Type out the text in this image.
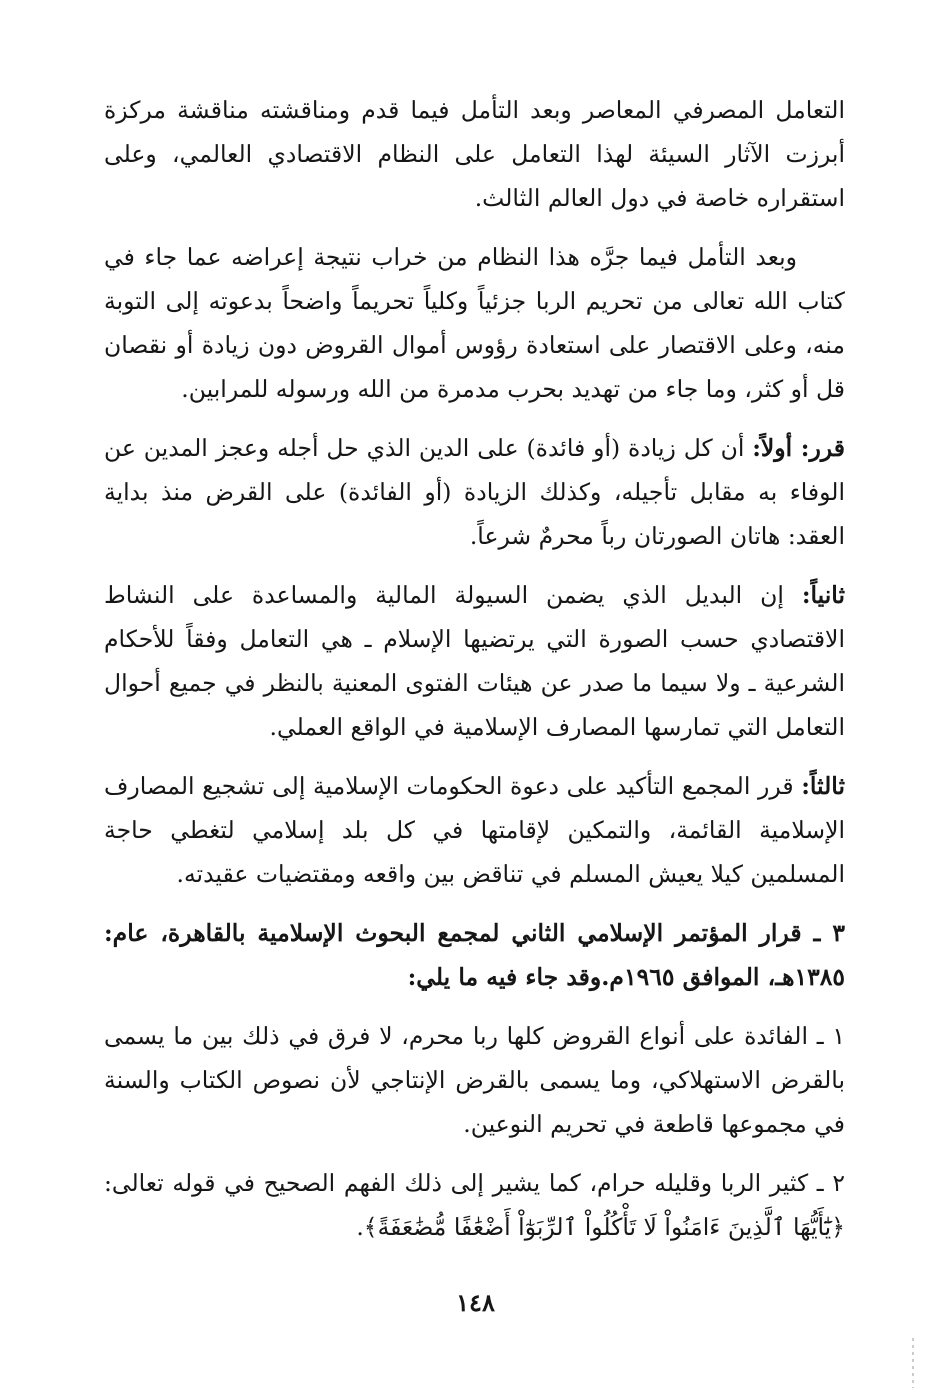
التعامل المصرفي المعاصر وبعد التأمل فيما قدم ومناقشته مناقشة مركزة أبرزت الآثار السيئة لهذا التعامل على النظام الاقتصادي العالمي، وعلى استقراره خاصة في دول العالم الثالث.

وبعد التأمل فيما جرَّه هذا النظام من خراب نتيجة إعراضه عما جاء في كتاب الله تعالى من تحريم الربا جزئياً وكلياً تحريماً واضحاً بدعوته إلى التوبة منه، وعلى الاقتصار على استعادة رؤوس أموال القروض دون زيادة أو نقصان قل أو كثر، وما جاء من تهديد بحرب مدمرة من الله ورسوله للمرابين.

قرر: أولاً: أن كل زيادة (أو فائدة) على الدين الذي حل أجله وعجز المدين عن الوفاء به مقابل تأجيله، وكذلك الزيادة (أو الفائدة) على القرض منذ بداية العقد: هاتان الصورتان رباً محرمٌ شرعاً.

ثانياً: إن البديل الذي يضمن السيولة المالية والمساعدة على النشاط الاقتصادي حسب الصورة التي يرتضيها الإسلام ـ هي التعامل وفقاً للأحكام الشرعية ـ ولا سيما ما صدر عن هيئات الفتوى المعنية بالنظر في جميع أحوال التعامل التي تمارسها المصارف الإسلامية في الواقع العملي.

ثالثاً: قرر المجمع التأكيد على دعوة الحكومات الإسلامية إلى تشجيع المصارف الإسلامية القائمة، والتمكين لإقامتها في كل بلد إسلامي لتغطي حاجة المسلمين كيلا يعيش المسلم في تناقض بين واقعه ومقتضيات عقيدته.

٣ ـ قرار المؤتمر الإسلامي الثاني لمجمع البحوث الإسلامية بالقاهرة، عام: ١٣٨٥هـ، الموافق ١٩٦٥م.وقد جاء فيه ما يلي:

١ ـ الفائدة على أنواع القروض كلها ربا محرم، لا فرق في ذلك بين ما يسمى بالقرض الاستهلاكي، وما يسمى بالقرض الإنتاجي لأن نصوص الكتاب والسنة في مجموعها قاطعة في تحريم النوعين.

٢ ـ كثير الربا وقليله حرام، كما يشير إلى ذلك الفهم الصحيح في قوله تعالى: ﴿يَٰٓأَيُّهَا ٱلَّذِينَ ءَامَنُواْ لَا تَأْكُلُواْ ٱلرِّبَوٰٓاْ أَضْعَٰفًا مُّضَٰعَفَةً﴾.

١٤٨
